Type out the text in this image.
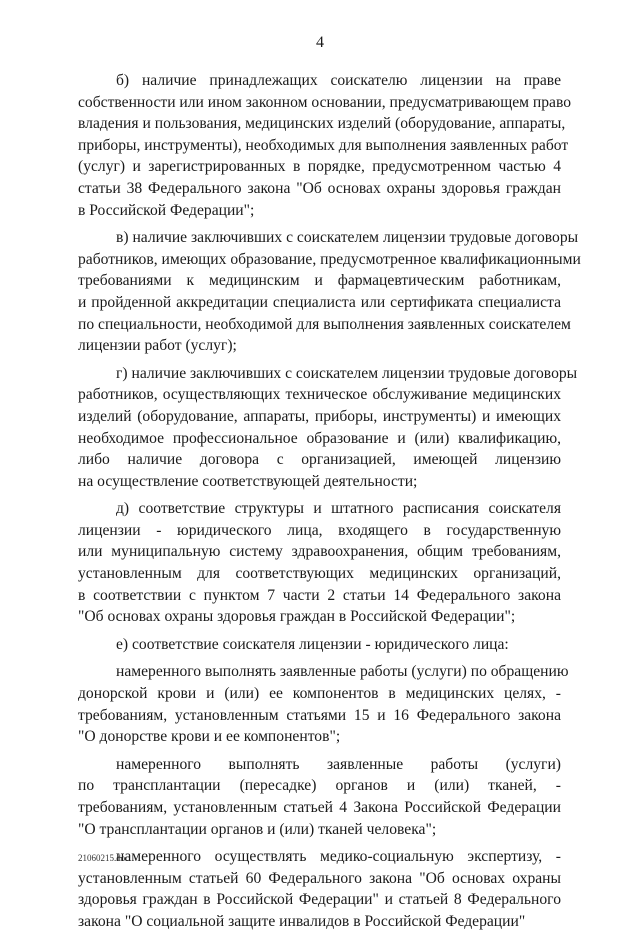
4
б) наличие принадлежащих соискателю лицензии на праве
собственности или ином законном основании, предусматривающем право
владения и пользования, медицинских изделий (оборудование, аппараты,
приборы, инструменты), необходимых для выполнения заявленных работ
(услуг) и зарегистрированных в порядке, предусмотренном частью 4
статьи 38 Федерального закона "Об основах охраны здоровья граждан
в Российской Федерации";
в) наличие заключивших с соискателем лицензии трудовые договоры
работников, имеющих образование, предусмотренное квалификационными
требованиями к медицинским и фармацевтическим работникам,
и пройденной аккредитации специалиста или сертификата специалиста
по специальности, необходимой для выполнения заявленных соискателем
лицензии работ (услуг);
г) наличие заключивших с соискателем лицензии трудовые договоры
работников, осуществляющих техническое обслуживание медицинских
изделий (оборудование, аппараты, приборы, инструменты) и имеющих
необходимое профессиональное образование и (или) квалификацию,
либо наличие договора с организацией, имеющей лицензию
на осуществление соответствующей деятельности;
д) соответствие структуры и штатного расписания соискателя
лицензии - юридического лица, входящего в государственную
или муниципальную систему здравоохранения, общим требованиям,
установленным для соответствующих медицинских организаций,
в соответствии с пунктом 7 части 2 статьи 14 Федерального закона
"Об основах охраны здоровья граждан в Российской Федерации";
е) соответствие соискателя лицензии - юридического лица:
намеренного выполнять заявленные работы (услуги) по обращению
донорской крови и (или) ее компонентов в медицинских целях, -
требованиям, установленным статьями 15 и 16 Федерального закона
"О донорстве крови и ее компонентов";
намеренного выполнять заявленные работы (услуги)
по трансплантации (пересадке) органов и (или) тканей, -
требованиям, установленным статьей 4 Закона Российской Федерации
"О трансплантации органов и (или) тканей человека";
намеренного осуществлять медико-социальную экспертизу, -
установленным статьей 60 Федерального закона "Об основах охраны
здоровья граждан в Российской Федерации" и статьей 8 Федерального
закона "О социальной защите инвалидов в Российской Федерации"
21060215.doc
